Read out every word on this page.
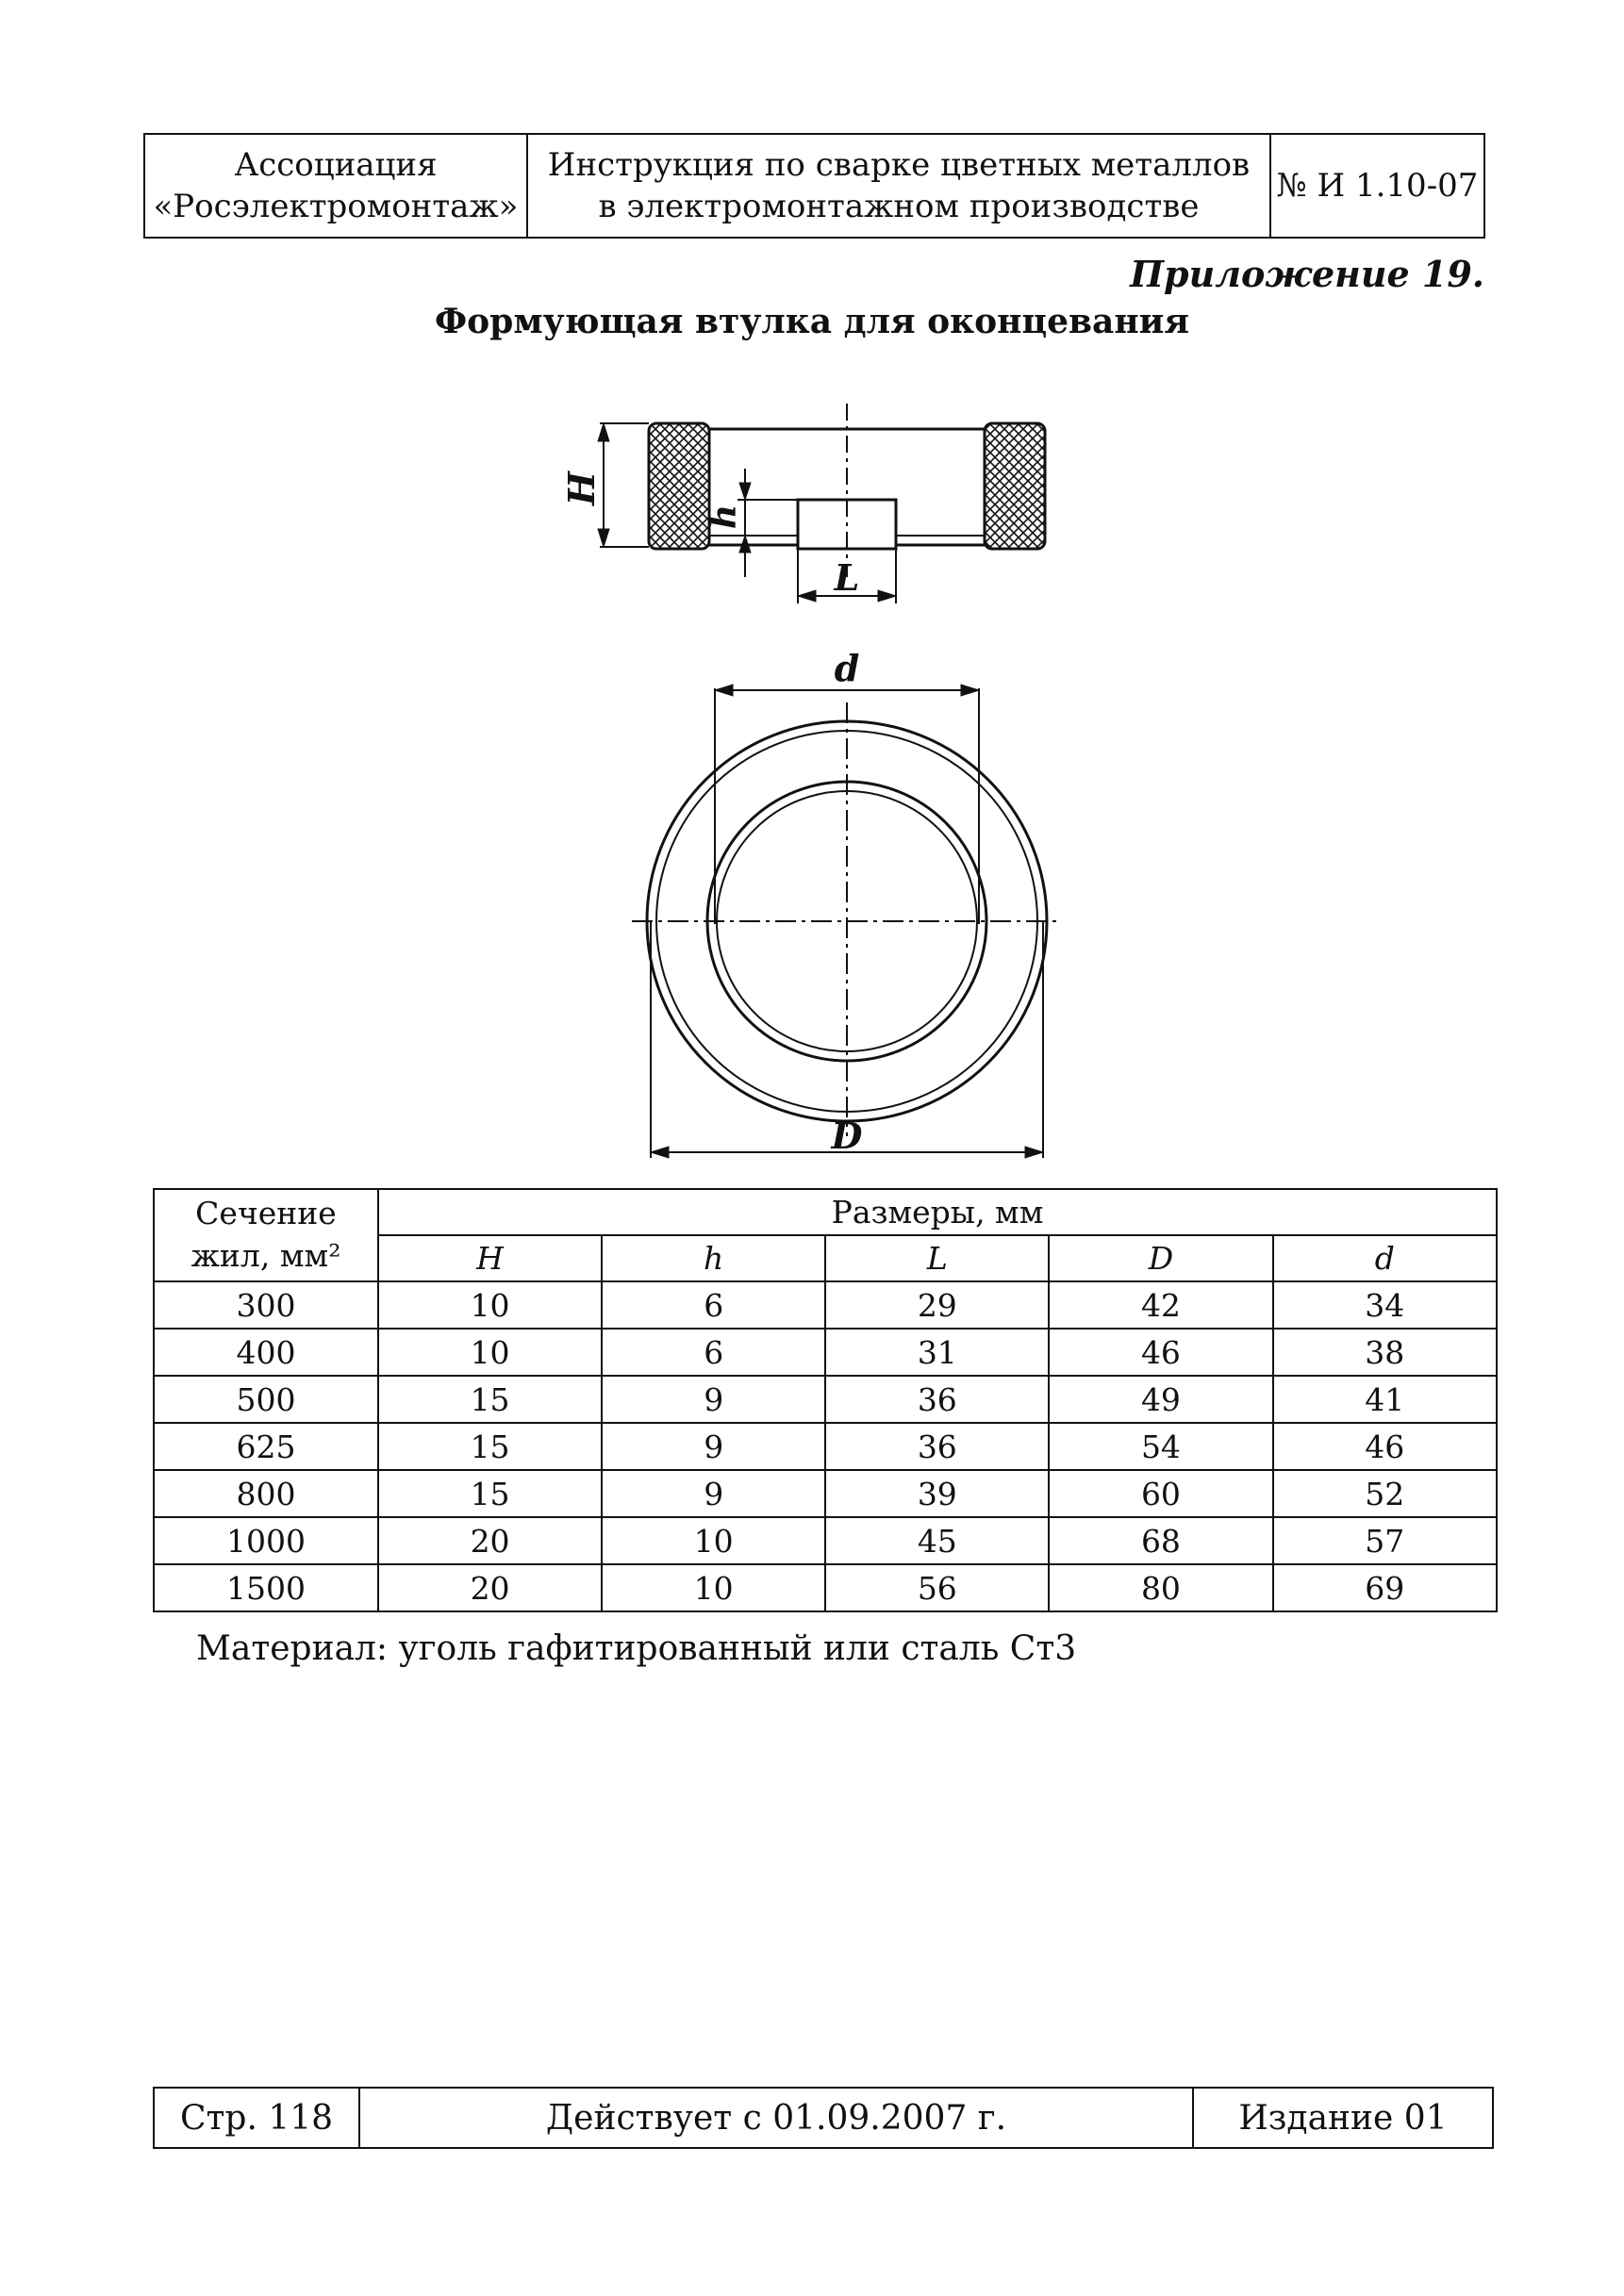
Ассоциация
«Росэлектромонтаж»
Инструкция по сварке цветных металлов
в электромонтажном производстве
№ И 1.10-07
Приложение 19.
Формующая втулка для оконцевания
H
h
L
d
D
Сечение
жил, мм²	Размеры, мм				
	H	h	L	D	d
300	10	6	29	42	34
400	10	6	31	46	38
500	15	9	36	49	41
625	15	9	36	54	46
800	15	9	39	60	52
1000	20	10	45	68	57
1500	20	10	56	80	69
Материал: уголь гафитированный или сталь Ст3
Стр. 118	Действует с 01.09.2007 г.	Издание 01
